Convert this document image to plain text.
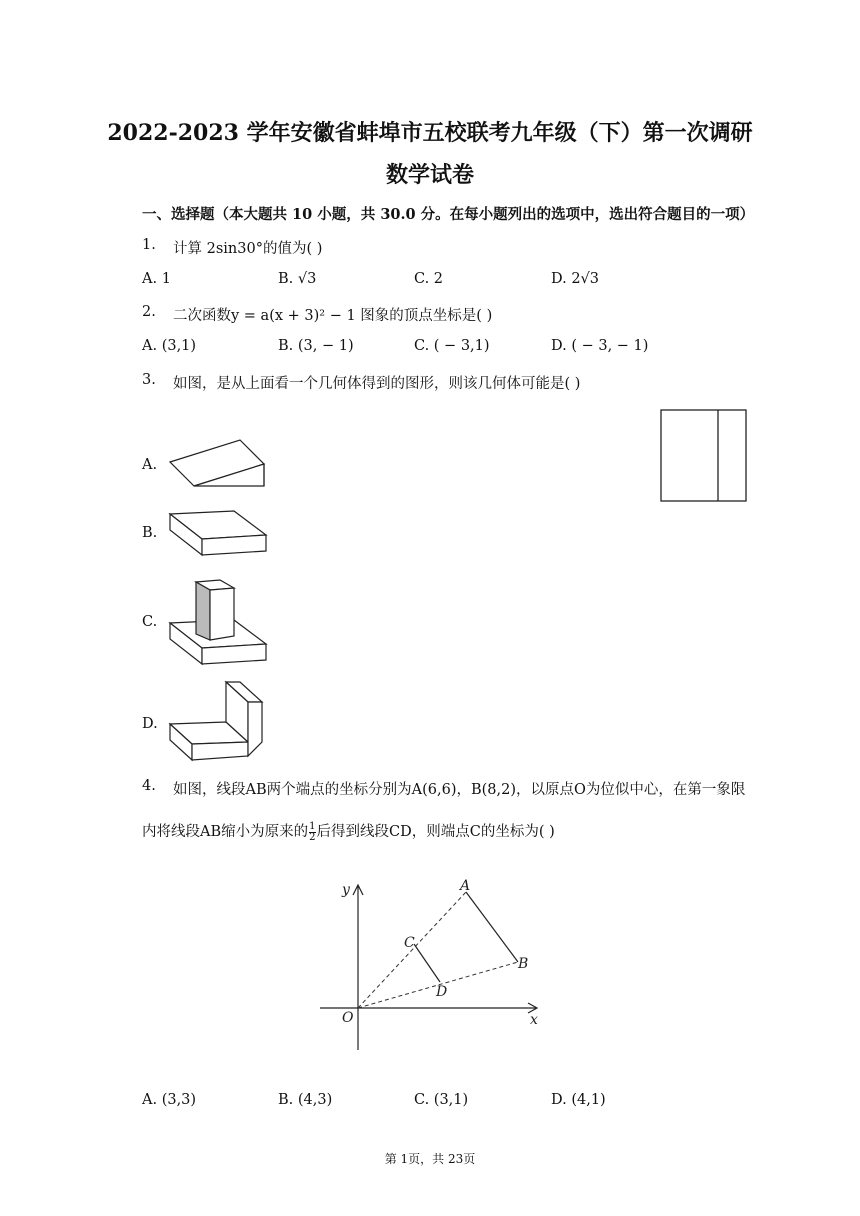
2022-2023 学年安徽省蚌埠市五校联考九年级（下）第一次调研
数学试卷
一、选择题（本大题共 10 小题，共 30.0 分。在每小题列出的选项中，选出符合题目的一项）
1. 计算 2sin30°的值为( )
A. 1	B. √3	C. 2	D. 2√3
2. 二次函数y = a(x + 3)² − 1 图象的顶点坐标是( )
A. (3,1)	B. (3, − 1)	C. ( − 3,1)	D. ( − 3, − 1)
3. 如图，是从上面看一个几何体得到的图形，则该几何体可能是( )
A.
B.
C.
D.
4. 如图，线段AB两个端点的坐标分别为A(6,6)，B(8,2)，以原点O为位似中心，在第一象限
内将线段AB缩小为原来的 $\frac{1}{2}$ 后得到线段CD，则端点C的坐标为( )
y
x
O
A
B
C
D
A. (3,3)	B. (4,3)	C. (3,1)	D. (4,1)
第 1页，共 23页
